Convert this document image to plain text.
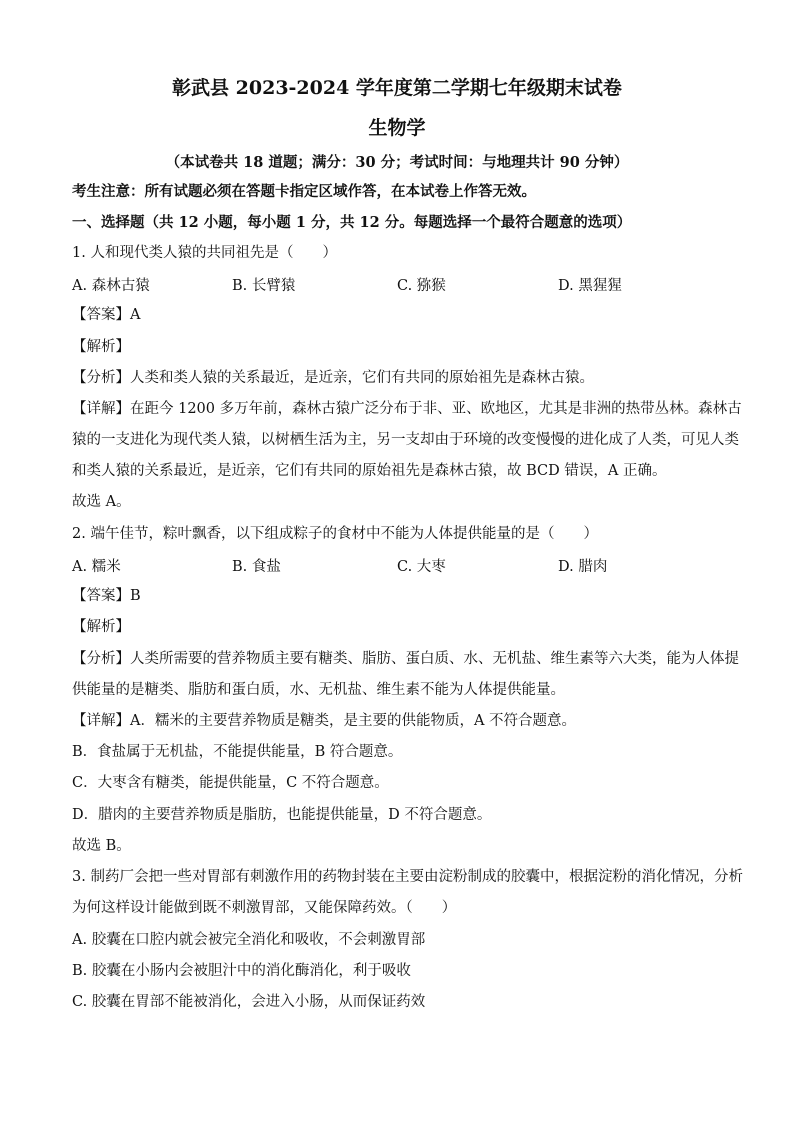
彰武县 2023-2024 学年度第二学期七年级期末试卷
生物学
（本试卷共 18 道题；满分：30 分；考试时间：与地理共计 90 分钟）
考生注意：所有试题必须在答题卡指定区域作答，在本试卷上作答无效。
一、选择题（共 12 小题，每小题 1 分，共 12 分。每题选择一个最符合题意的选项）
1. 人和现代类人猿的共同祖先是（　　）
A. 森林古猿	B. 长臂猿	C. 猕猴	D. 黑猩猩
【答案】A
【解析】
【分析】人类和类人猿的关系最近，是近亲，它们有共同的原始祖先是森林古猿。
【详解】在距今 1200 多万年前，森林古猿广泛分布于非、亚、欧地区，尤其是非洲的热带丛林。森林古
猿的一支进化为现代类人猿，以树栖生活为主，另一支却由于环境的改变慢慢的进化成了人类，可见人类
和类人猿的关系最近，是近亲，它们有共同的原始祖先是森林古猿，故 BCD 错误，A 正确。
故选 A。
2. 端午佳节，粽叶飘香，以下组成粽子的食材中不能为人体提供能量的是（　　）
A. 糯米	B. 食盐	C. 大枣	D. 腊肉
【答案】B
【解析】
【分析】人类所需要的营养物质主要有糖类、脂肪、蛋白质、水、无机盐、维生素等六大类，能为人体提
供能量的是糖类、脂肪和蛋白质，水、无机盐、维生素不能为人体提供能量。
【详解】A．糯米的主要营养物质是糖类，是主要的供能物质，A 不符合题意。
B．食盐属于无机盐，不能提供能量，B 符合题意。
C．大枣含有糖类，能提供能量，C 不符合题意。
D．腊肉的主要营养物质是脂肪，也能提供能量，D 不符合题意。
故选 B。
3. 制药厂会把一些对胃部有刺激作用的药物封装在主要由淀粉制成的胶囊中，根据淀粉的消化情况，分析
为何这样设计能做到既不刺激胃部，又能保障药效。（　　）
A. 胶囊在口腔内就会被完全消化和吸收，不会刺激胃部
B. 胶囊在小肠内会被胆汁中的消化酶消化，利于吸收
C. 胶囊在胃部不能被消化，会进入小肠，从而保证药效
